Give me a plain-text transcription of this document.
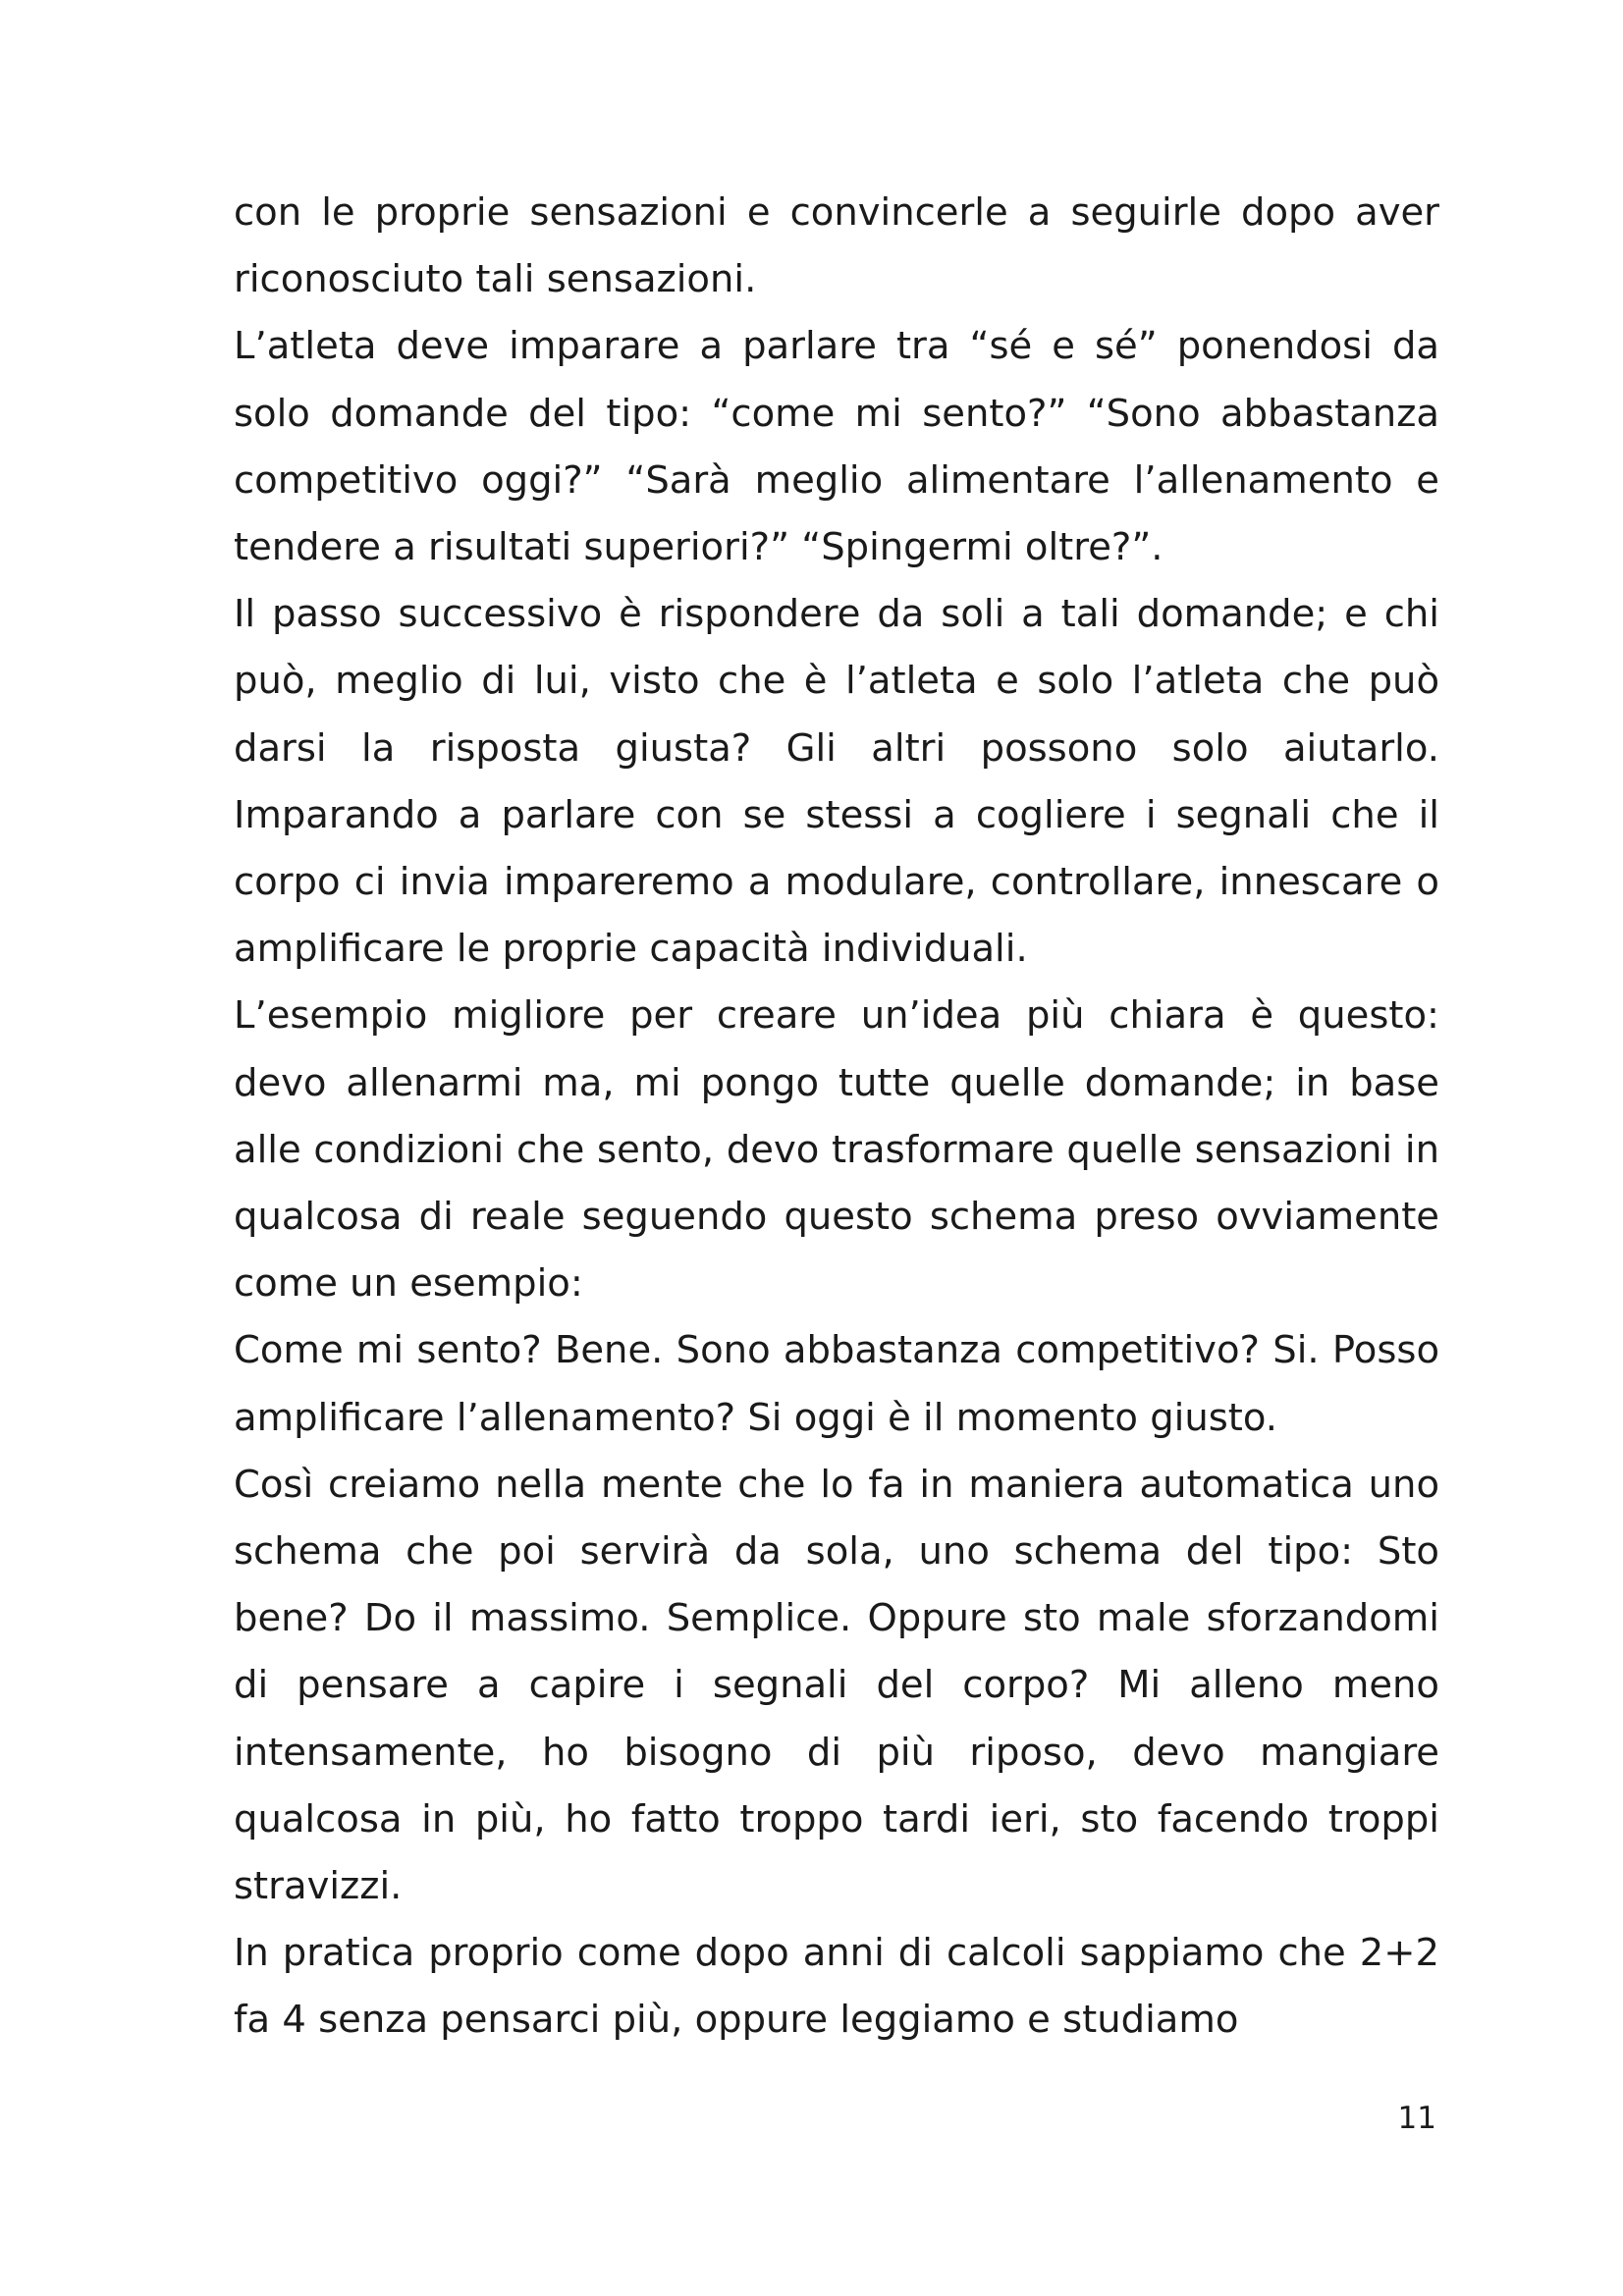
con le proprie sensazioni e convincerle a seguirle dopo aver riconosciuto tali sensazioni.

L’atleta deve imparare a parlare tra “sé e sé” ponendosi da solo domande del tipo: “come mi sento?” “Sono abbastanza competitivo oggi?” “Sarà meglio alimentare l’allenamento e tendere a risultati superiori?” “Spingermi oltre?”.

Il passo successivo è rispondere da soli a tali domande; e chi può, meglio di lui, visto che è l’atleta e solo l’atleta che può darsi la risposta giusta? Gli altri possono solo aiutarlo. Imparando a parlare con se stessi a cogliere i segnali che il corpo ci invia impareremo a modulare, controllare, innescare o amplificare le proprie capacità individuali.

L’esempio migliore per creare un’idea più chiara è questo: devo allenarmi ma, mi pongo tutte quelle domande; in base alle condizioni che sento, devo trasformare quelle sensazioni in qualcosa di reale seguendo questo schema preso ovviamente come un esempio:

Come mi sento? Bene. Sono abbastanza competitivo? Si. Posso amplificare l’allenamento? Si oggi è il momento giusto.

Così creiamo nella mente che lo fa in maniera automatica uno schema che poi servirà da sola, uno schema del tipo: Sto bene? Do il massimo. Semplice. Oppure sto male sforzandomi di pensare a capire i segnali del corpo? Mi alleno meno intensamente, ho bisogno di più riposo, devo mangiare qualcosa in più, ho fatto troppo tardi ieri, sto facendo troppi stravizzi.

In pratica proprio come dopo anni di calcoli sappiamo che 2+2 fa 4 senza pensarci più, oppure leggiamo e studiamo

11
